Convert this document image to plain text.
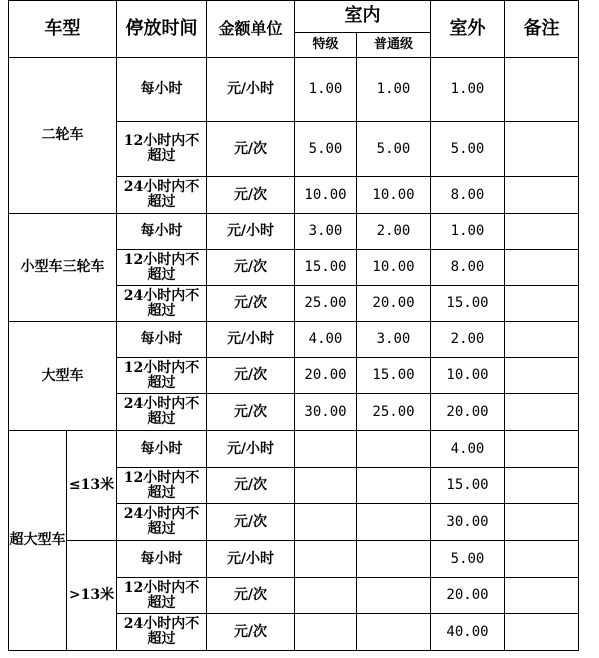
车型		停放时间	金额单位	室内		室外	备注
				特级	普通级		
二轮车		每小时	元/小时	1.00	1.00	1.00	
		12小时内不超过	元/次	5.00	5.00	5.00	
		24小时内不超过	元/次	10.00	10.00	8.00	
小型车三轮车		每小时	元/小时	3.00	2.00	1.00	
		12小时内不超过	元/次	15.00	10.00	8.00	
		24小时内不超过	元/次	25.00	20.00	15.00	
大型车		每小时	元/小时	4.00	3.00	2.00	
		12小时内不超过	元/次	20.00	15.00	10.00	
		24小时内不超过	元/次	30.00	25.00	20.00	
超大型车	≤13米	每小时	元/小时			4.00	
		12小时内不超过	元/次			15.00	
		24小时内不超过	元/次			30.00	
	>13米	每小时	元/小时			5.00	
		12小时内不超过	元/次			20.00	
		24小时内不超过	元/次			40.00	
